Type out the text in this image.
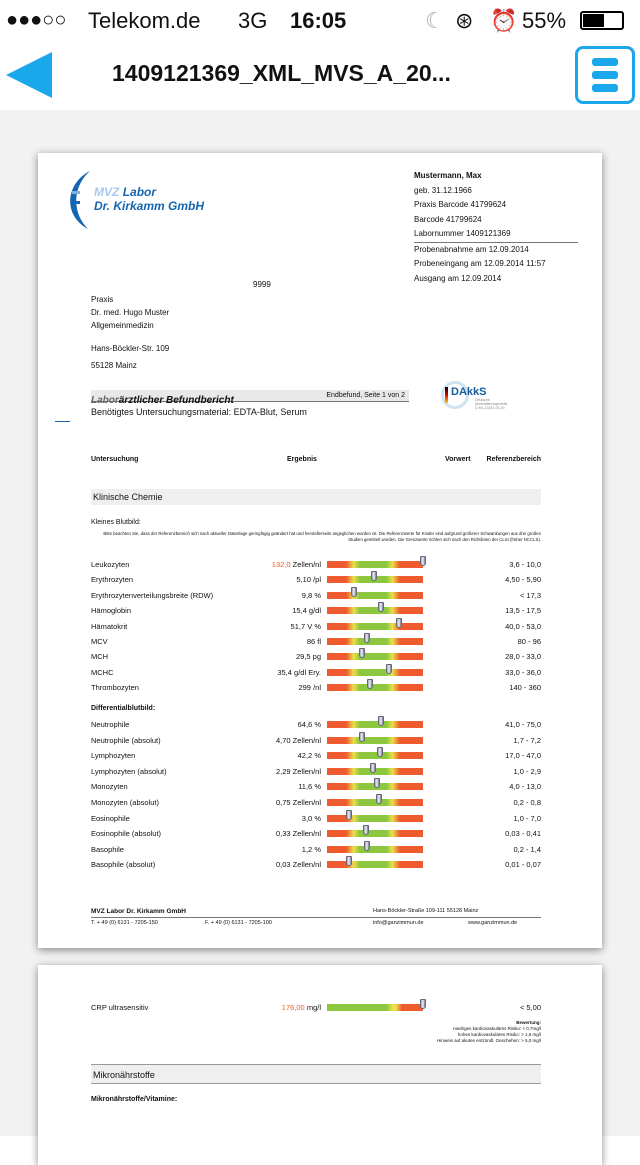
●●●○○ Telekom.de 3G 16:05	☾ ⊛ ⏰ 55%
1409121369_XML_MVS_A_20...
MVZ Labor
Dr. Kirkamm GmbH
Mustermann, Max
geb. 31.12.1966
Praxis Barcode 41799624
Barcode 41799624
Labornummer 1409121369
Probenabnahme am 12.09.2014
Probeneingang am 12.09.2014 11:57
Ausgang am 12.09.2014
9999
Praxis
Dr. med. Hugo Muster
Allgemeinmedizin
Hans-Böckler-Str. 109
55128 Mainz
Laborärztlicher Befundbericht	Endbefund, Seite 1 von 2
Benötigtes Untersuchungsmaterial: EDTA-Blut, Serum
DAkkS
Deutsche
Akkreditierungsstelle
D-ML-13151-01-00
Untersuchung	Ergebnis	Vorwert Referenzbereich
Klinische Chemie
Kleines Blutbild:
Bitte beachten Sie, dass der Referenzbereich sich nach aktueller Datenlage geringfügig geändert hat und herstellerseits angeglichen worden ist. Die Referenzwerte für Kinder sind aufgrund größerer Schwankungen aus drei großen Studien gemittelt worden. Die Grenzwerte richten sich nach den Richtlinien der CLSI (früher NCCLS).
Leukozyten	132,0 Zellen/nl	3,6 - 10,0
Erythrozyten	5,10 /pl	4,50 - 5,90
Erythrozytenverteilungsbreite (RDW)	9,8 %	< 17,3
Hämoglobin	15,4 g/dl	13,5 - 17,5
Hämatokrit	51,7 V %	40,0 - 53,0
MCV	86 fl	80 - 96
MCH	29,5 pg	28,0 - 33,0
MCHC	35,4 g/dl Ery.	33,0 - 36,0
Thrombozyten	299 /nl	140 - 360
Differentialblutbild:
Neutrophile	64,6 %	41,0 - 75,0
Neutrophile (absolut)	4,70 Zellen/nl	1,7 - 7,2
Lymphozyten	42,2 %	17,0 - 47,0
Lymphozyten (absolut)	2,29 Zellen/nl	1,0 - 2,9
Monozyten	11,6 %	4,0 - 13,0
Monozyten (absolut)	0,75 Zellen/nl	0,2 - 0,8
Eosinophile	3,0 %	1,0 - 7,0
Eosinophile (absolut)	0,33 Zellen/nl	0,03 - 0,41
Basophile	1,2 %	0,2 - 1,4
Basophile (absolut)	0,03 Zellen/nl	0,01 - 0,07
MVZ Labor Dr. Kirkamm GmbH	Hans-Böckler-Straße 109-111 55128 Mainz
T. + 49 (0) 6131 - 7205-150	F. + 49 (0) 6131 - 7205-100	info@ganzimmun.de	www.ganzimmun.de
CRP ultrasensitiv	176,00 mg/l	< 5,00
Bewertung:
niedriges kardiovaskuläres Risiko: < 0,7mg/l
hohes kardiovaskuläres Risiko: > 1,9 mg/l
Hinweis auf akutes entzündl. Geschehen: > 5,0 mg/l
Mikronährstoffe
Mikronährstoffe/Vitamine:
